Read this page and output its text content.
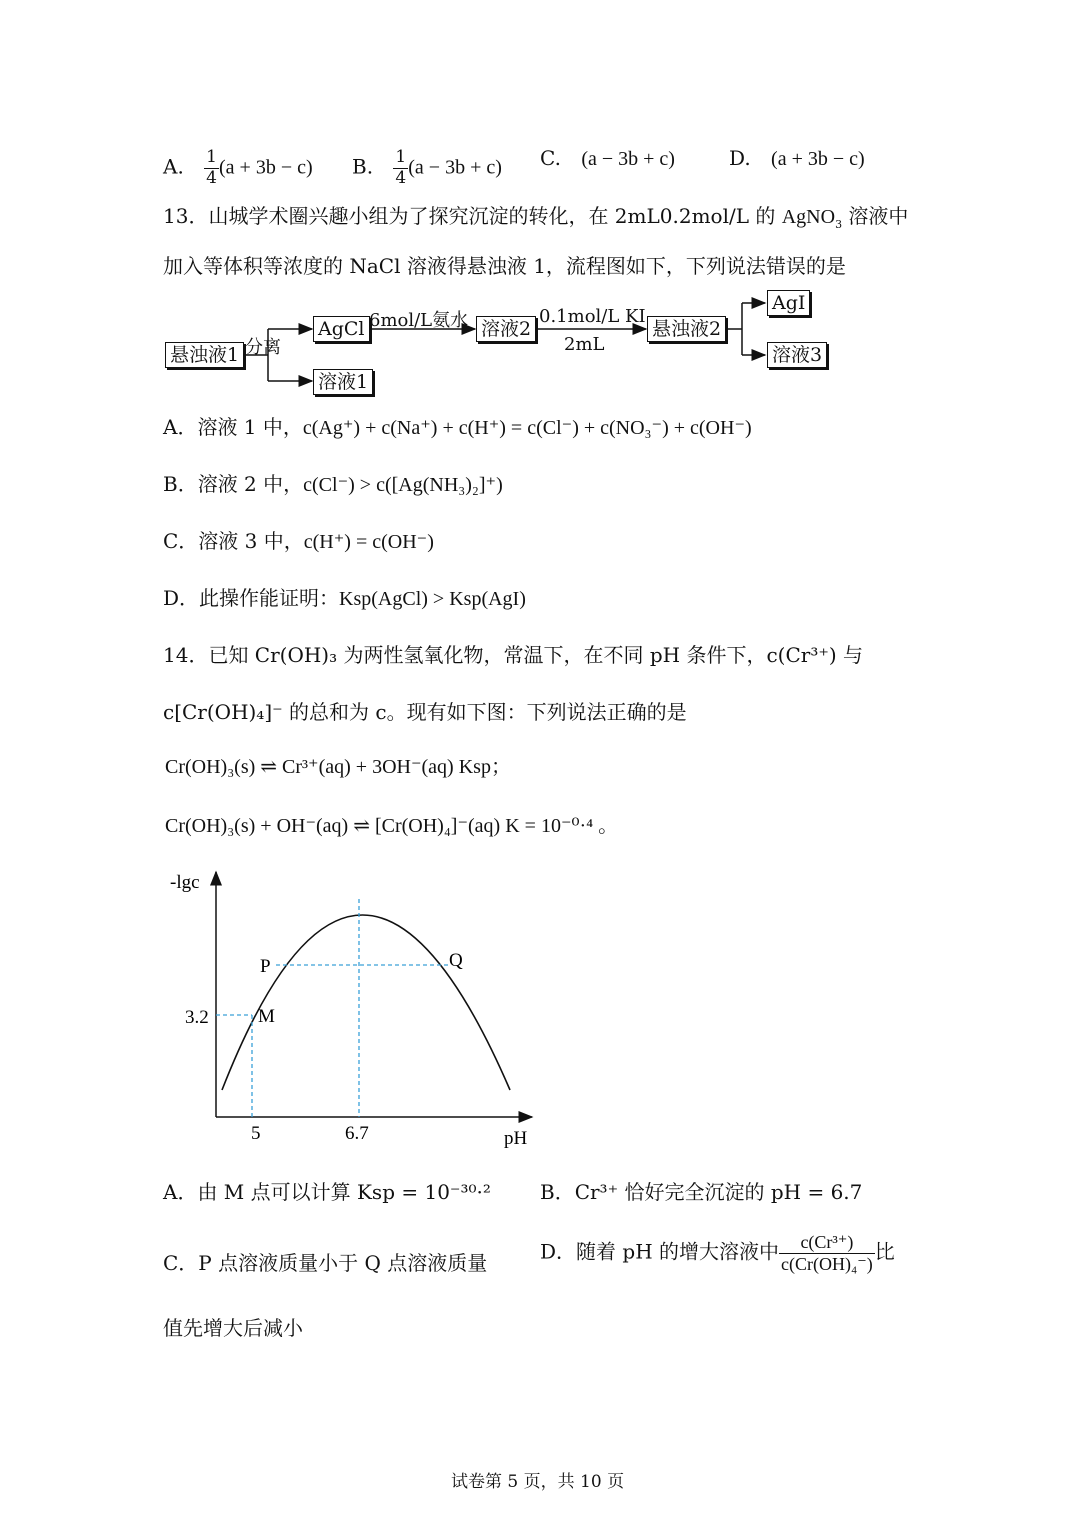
A. $\frac{1}{4} (a + 3b - c)$ B. $\frac{1}{4} (a - 3b + c)$ C. (a − 3b + c)	D. (a + 3b − c)
13．山城学术圈兴趣小组为了探究沉淀的转化，在 2mL0.2mol/L 的 AgNO$_3$ 溶液中
加入等体积等浓度的 NaCl 溶液得悬浊液 1，流程图如下，下列说法错误的是
悬浊液1 分离
AgCl
溶液1
6mol/L氨水 溶液2
0.1mol/L KI
2mL
悬浊液2
AgI
溶液3
A．溶液 1 中，c(Ag⁺) + c(Na⁺) + c(H⁺) = c(Cl⁻) + c(NO₃⁻) + c(OH⁻)
B．溶液 2 中，c(Cl⁻) > c([Ag(NH₃)₂]⁺)
C．溶液 3 中，c(H⁺) = c(OH⁻)
D．此操作能证明：Ksp(AgCl) > Ksp(AgI)
14．已知 Cr(OH)₃ 为两性氢氧化物，常温下，在不同 pH 条件下，c(Cr³⁺) 与
c[Cr(OH)₄]⁻ 的总和为 c。现有如下图：下列说法正确的是
Cr(OH)₃(s) ⇌ Cr³⁺(aq) + 3OH⁻(aq) Ksp；
Cr(OH)₃(s) + OH⁻(aq) ⇌ [Cr(OH)₄]⁻(aq) K = 10⁻⁰·⁴ 。
-lgc
pH
3.2
5	6.7
M
P	Q
A．由 M 点可以计算 Ksp = 10⁻³⁰·² B．Cr³⁺ 恰好完全沉淀的 pH = 6.7
C．P 点溶液质量小于 Q 点溶液质量	D．随着 pH 的增大溶液中 $\frac{\text{c(Cr³⁺)}}{\text{c(Cr(OH)₄⁻)}}$ 比
值先增大后减小
试卷第 5 页，共 10 页
